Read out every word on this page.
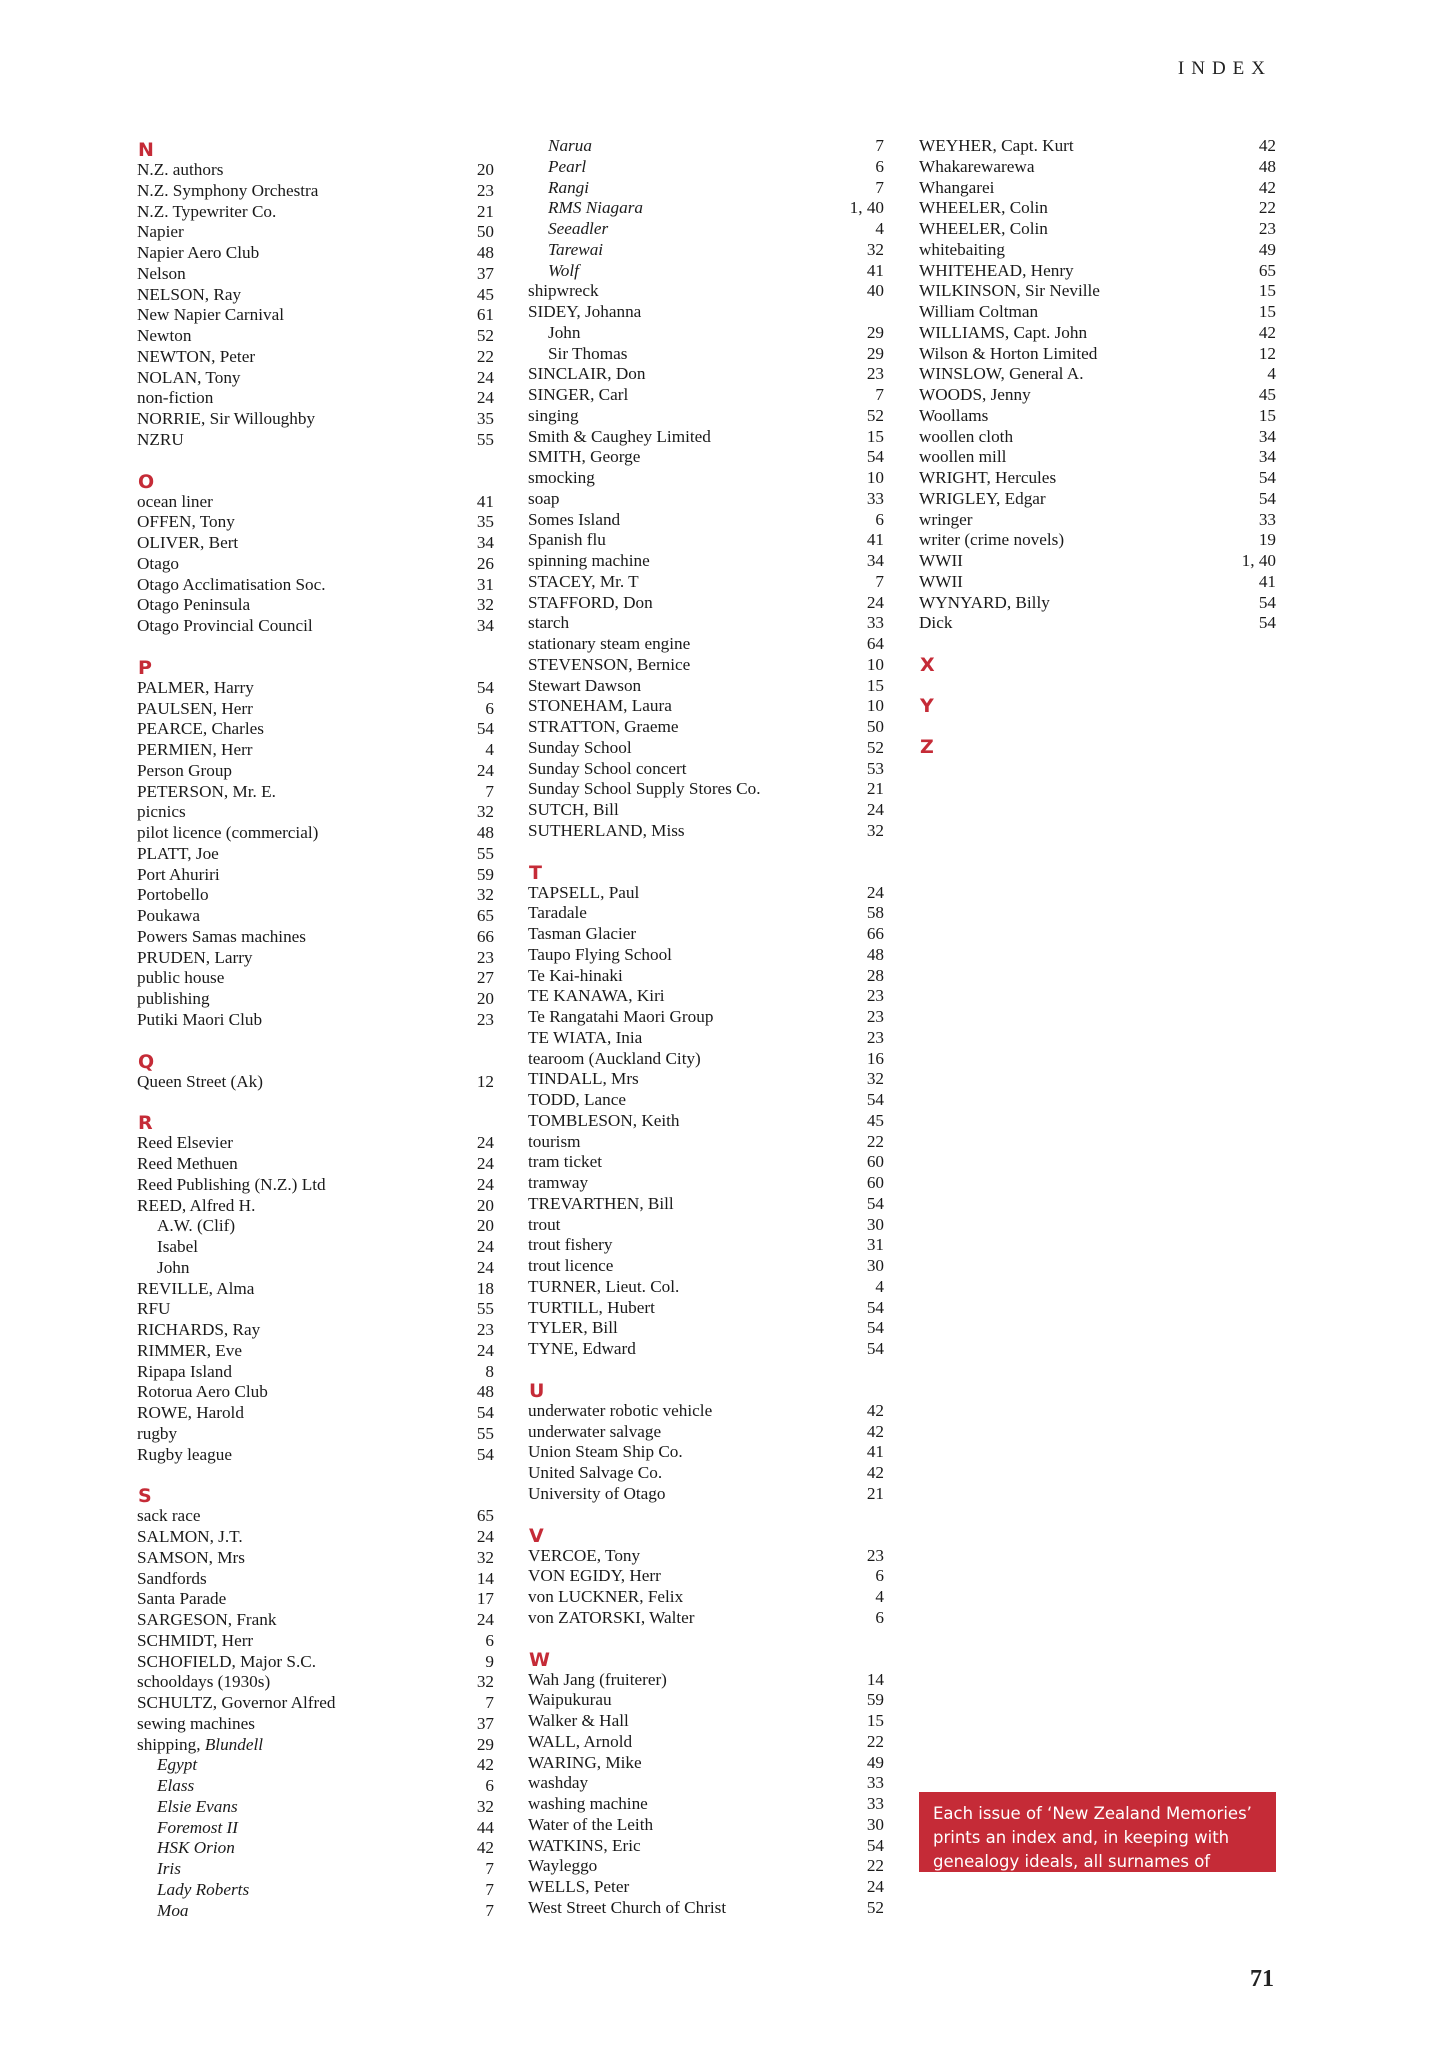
INDEX
N
N.Z. authors	20
N.Z. Symphony Orchestra	23
N.Z. Typewriter Co.	21
Napier	50
Napier Aero Club	48
Nelson	37
NELSON, Ray	45
New Napier Carnival	61
Newton	52
NEWTON, Peter	22
NOLAN, Tony	24
non-fiction	24
NORRIE, Sir Willoughby	35
NZRU	55
O
ocean liner	41
OFFEN, Tony	35
OLIVER, Bert	34
Otago	26
Otago Acclimatisation Soc.	31
Otago Peninsula	32
Otago Provincial Council	34
P
PALMER, Harry	54
PAULSEN, Herr	6
PEARCE, Charles	54
PERMIEN, Herr	4
Person Group	24
PETERSON, Mr. E.	7
picnics	32
pilot licence (commercial)	48
PLATT, Joe	55
Port Ahuriri	59
Portobello	32
Poukawa	65
Powers Samas machines	66
PRUDEN, Larry	23
public house	27
publishing	20
Putiki Maori Club	23
Q
Queen Street (Ak)	12
R
Reed Elsevier	24
Reed Methuen	24
Reed Publishing (N.Z.) Ltd	24
REED, Alfred H.	20
A.W. (Clif)	20
Isabel	24
John	24
REVILLE, Alma	18
RFU	55
RICHARDS, Ray	23
RIMMER, Eve	24
Ripapa Island	8
Rotorua Aero Club	48
ROWE, Harold	54
rugby	55
Rugby league	54
S
sack race	65
SALMON, J.T.	24
SAMSON, Mrs	32
Sandfords	14
Santa Parade	17
SARGESON, Frank	24
SCHMIDT, Herr	6
SCHOFIELD, Major S.C.	9
schooldays (1930s)	32
SCHULTZ, Governor Alfred	7
sewing machines	37
shipping, Blundell	29
Egypt	42
Elass	6
Elsie Evans	32
Foremost II	44
HSK Orion	42
Iris	7
Lady Roberts	7
Moa	7
Narua	7
Pearl	6
Rangi	7
RMS Niagara	1, 40
Seeadler	4
Tarewai	32
Wolf	41
shipwreck	40
SIDEY, Johanna
John	29
Sir Thomas	29
SINCLAIR, Don	23
SINGER, Carl	7
singing	52
Smith & Caughey Limited	15
SMITH, George	54
smocking	10
soap	33
Somes Island	6
Spanish flu	41
spinning machine	34
STACEY, Mr. T	7
STAFFORD, Don	24
starch	33
stationary steam engine	64
STEVENSON, Bernice	10
Stewart Dawson	15
STONEHAM, Laura	10
STRATTON, Graeme	50
Sunday School	52
Sunday School concert	53
Sunday School Supply Stores Co.	21
SUTCH, Bill	24
SUTHERLAND, Miss	32
T
TAPSELL, Paul	24
Taradale	58
Tasman Glacier	66
Taupo Flying School	48
Te Kai-hinaki	28
TE KANAWA, Kiri	23
Te Rangatahi Maori Group	23
TE WIATA, Inia	23
tearoom (Auckland City)	16
TINDALL, Mrs	32
TODD, Lance	54
TOMBLESON, Keith	45
tourism	22
tram ticket	60
tramway	60
TREVARTHEN, Bill	54
trout	30
trout fishery	31
trout licence	30
TURNER, Lieut. Col.	4
TURTILL, Hubert	54
TYLER, Bill	54
TYNE, Edward	54
U
underwater robotic vehicle	42
underwater salvage	42
Union Steam Ship Co.	41
United Salvage Co.	42
University of Otago	21
V
VERCOE, Tony	23
VON EGIDY, Herr	6
von LUCKNER, Felix	4
von ZATORSKI, Walter	6
W
Wah Jang (fruiterer)	14
Waipukurau	59
Walker & Hall	15
WALL, Arnold	22
WARING, Mike	49
washday	33
washing machine	33
Water of the Leith	30
WATKINS, Eric	54
Wayleggo	22
WELLS, Peter	24
West Street Church of Christ	52
WEYHER, Capt. Kurt	42
Whakarewarewa	48
Whangarei	42
WHEELER, Colin	22
WHEELER, Colin	23
whitebaiting	49
WHITEHEAD, Henry	65
WILKINSON, Sir Neville	15
William Coltman	15
WILLIAMS, Capt. John	42
Wilson & Horton Limited	12
WINSLOW, General A.	4
WOODS, Jenny	45
Woollams	15
woollen cloth	34
woollen mill	34
WRIGHT, Hercules	54
WRIGLEY, Edgar	54
wringer	33
writer (crime novels)	19
WWII	1, 40
WWII	41
WYNYARD, Billy	54
Dick	54
X
Y
Z
Each issue of ‘New Zealand Memories’ prints an index and, in keeping with genealogy ideals, all surnames of individuals are listed in capitals.
71
